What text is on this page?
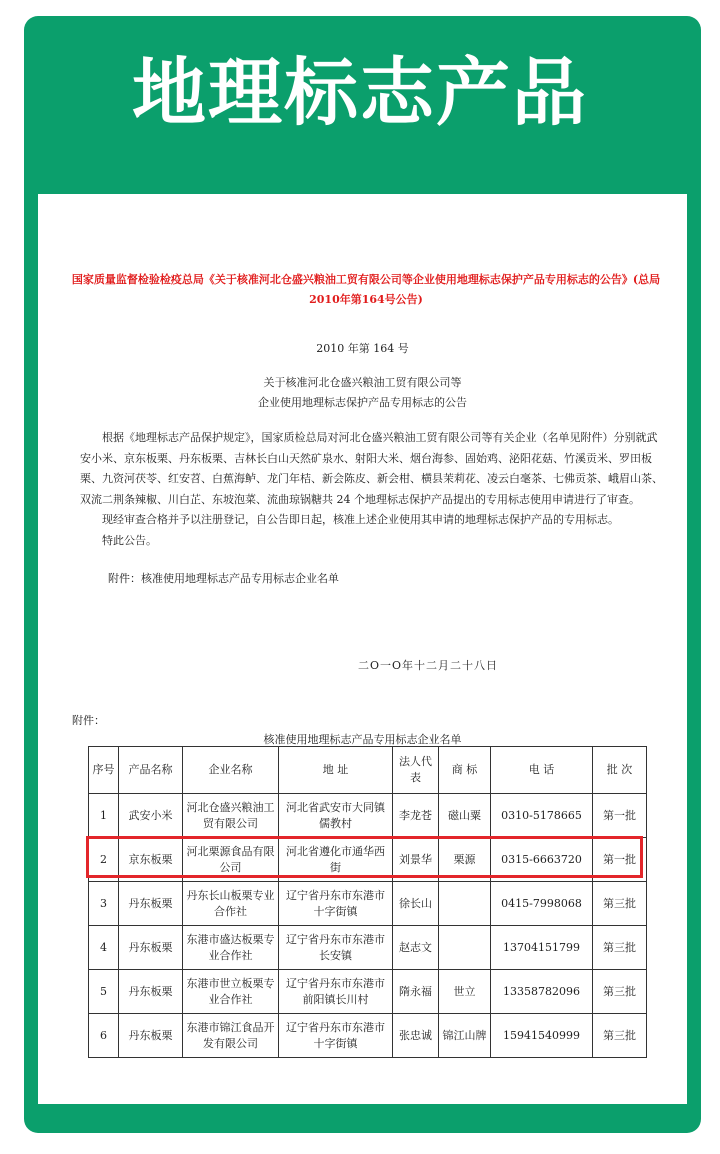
地理标志产品
国家质量监督检验检疫总局《关于核准河北仓盛兴粮油工贸有限公司等企业使用地理标志保护产品专用标志的公告》(总局2010年第164号公告)
2010 年第 164 号
关于核准河北仓盛兴粮油工贸有限公司等
企业使用地理标志保护产品专用标志的公告

根据《地理标志产品保护规定》，国家质检总局对河北仓盛兴粮油工贸有限公司等有关企业（名单见附件）分别就武安小米、京东板栗、丹东板栗、吉林长白山天然矿泉水、射阳大米、烟台海参、固始鸡、泌阳花菇、竹溪贡米、罗田板栗、九资河茯苓、红安苕、白蕉海鲈、龙门年桔、新会陈皮、新会柑、横县茉莉花、凌云白毫茶、七佛贡茶、峨眉山茶、双流二荆条辣椒、川白芷、东坡泡菜、流曲琼锅糖共 24 个地理标志保护产品提出的专用标志使用申请进行了审查。

现经审查合格并予以注册登记，自公告即日起，核准上述企业使用其申请的地理标志保护产品的专用标志。

特此公告。

附件：核准使用地理标志产品专用标志企业名单
二O一O年十二月二十八日
附件：
核准使用地理标志产品专用标志企业名单
序号	产品名称	企业名称	地 址	法人代表	商 标	电 话	批 次
1	武安小米	河北仓盛兴粮油工贸有限公司	河北省武安市大同镇儒教村	李龙苍	磁山粟	0310-5178665	第一批
2	京东板栗	河北栗源食品有限公司	河北省遵化市通华西街	刘景华	栗源	0315-6663720	第一批
3	丹东板栗	丹东长山板栗专业合作社	辽宁省丹东市东港市十字街镇	徐长山		0415-7998068	第三批
4	丹东板栗	东港市盛达板栗专业合作社	辽宁省丹东市东港市长安镇	赵志文		13704151799	第三批
5	丹东板栗	东港市世立板栗专业合作社	辽宁省丹东市东港市前阳镇长川村	隋永福	世立	13358782096	第三批
6	丹东板栗	东港市锦江食品开发有限公司	辽宁省丹东市东港市十字街镇	张忠诚	锦江山牌	15941540999	第三批
